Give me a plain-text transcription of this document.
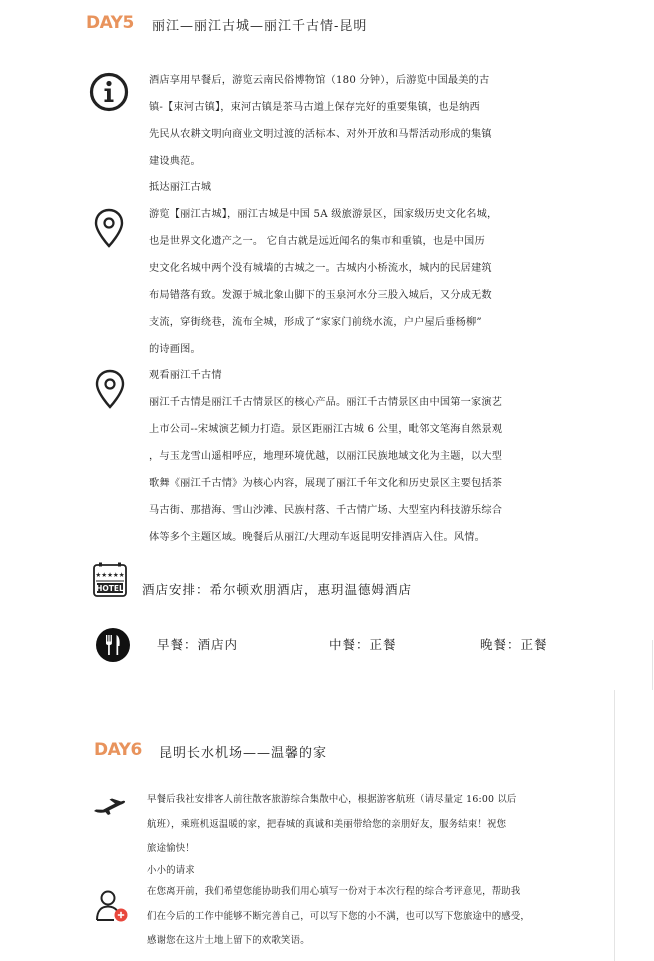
DAY5 丽江—丽江古城—丽江千古情-昆明
酒店享用早餐后，游览云南民俗博物馆（180 分钟），后游览中国最美的古
镇-【束河古镇】，束河古镇是茶马古道上保存完好的重要集镇，也是纳西
先民从农耕文明向商业文明过渡的活标本、对外开放和马帮活动形成的集镇
建设典范。
抵达丽江古城
游览【丽江古城】，丽江古城是中国 5A 级旅游景区，国家级历史文化名城，
也是世界文化遗产之一。 它自古就是远近闻名的集市和重镇，也是中国历
史文化名城中两个没有城墙的古城之一。古城内小桥流水，城内的民居建筑
布局错落有致。发源于城北象山脚下的玉泉河水分三股入城后，又分成无数
支流，穿街绕巷，流布全城，形成了“家家门前绕水流，户户屋后垂杨柳”
的诗画图。
观看丽江千古情
丽江千古情是丽江千古情景区的核心产品。丽江千古情景区由中国第一家演艺
上市公司--宋城演艺倾力打造。景区距丽江古城 6 公里，毗邻文笔海自然景观
，与玉龙雪山遥相呼应，地理环境优越，以丽江民族地域文化为主题，以大型
歌舞《丽江千古情》为核心内容，展现了丽江千年文化和历史景区主要包括茶
马古街、那措海、雪山沙滩、民族村落、千古情广场、大型室内科技游乐综合
体等多个主题区域。晚餐后从丽江/大理动车返昆明安排酒店入住。风情。
★★★★★
HOTEL 酒店安排：希尔顿欢朋酒店，惠玥温德姆酒店
早餐：酒店内	中餐：正餐	晚餐：正餐
DAY6 昆明长水机场——温馨的家
早餐后我社安排客人前往散客旅游综合集散中心，根据游客航班（请尽量定 16:00 以后
航班），乘班机返温暖的家，把春城的真诚和美丽带给您的亲朋好友，服务结束！祝您
旅途愉快！
小小的请求
在您离开前，我们希望您能协助我们用心填写一份对于本次行程的综合考评意见，帮助我
们在今后的工作中能够不断完善自己，可以写下您的小不满，也可以写下您旅途中的感受，
感谢您在这片土地上留下的欢歌笑语。
